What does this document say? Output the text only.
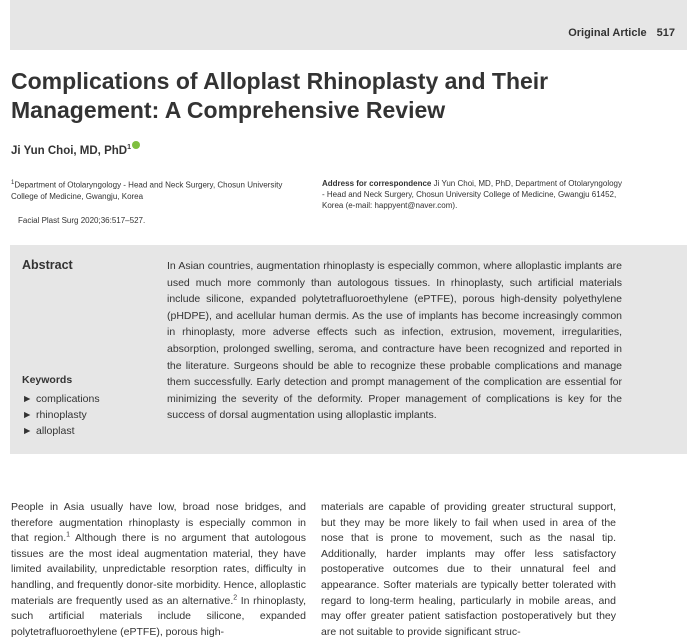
Original Article 517
Complications of Alloplast Rhinoplasty and Their Management: A Comprehensive Review
Ji Yun Choi, MD, PhD$^1$
$^1$Department of Otolaryngology - Head and Neck Surgery, Chosun University College of Medicine, Gwangju, Korea
Address for correspondence Ji Yun Choi, MD, PhD, Department of Otolaryngology - Head and Neck Surgery, Chosun University College of Medicine, Gwangju 61452, Korea (e-mail: happyent@naver.com).
Facial Plast Surg 2020;36:517–527.
Abstract	In Asian countries, augmentation rhinoplasty is especially common, where alloplastic implants are used much more commonly than autologous tissues. In rhinoplasty, such artificial materials include silicone, expanded polytetrafluoroethylene (ePTFE), porous high-density polyethylene (pHDPE), and acellular human dermis. As the use of implants has become increasingly common in rhinoplasty, more adverse effects such as infection, extrusion, movement, irregularities, absorption, prolonged swelling, seroma, and contracture have been recognized and reported in the literature. Surgeons should be able to recognize these probable complications and manage them successfully. Early detection and prompt management of the complication are essential for minimizing the severity of the deformity. Proper management of complications is key for the success of dorsal augmentation using alloplastic implants.

Keywords
► complications
► rhinoplasty
► alloplast

People in Asia usually have low, broad nose bridges, and therefore augmentation rhinoplasty is especially common in that region.$^1$ Although there is no argument that autologous tissues are the most ideal augmentation material, they have limited availability, unpredictable resorption rates, difficulty in handling, and frequently donor-site morbidity. Hence, alloplastic materials are frequently used as an alternative.$^2$ In rhinoplasty, such artificial materials include silicone, expanded polytetrafluoroethylene (ePTFE), porous high-

materials are capable of providing greater structural support, but they may be more likely to fail when used in area of the nose that is prone to movement, such as the nasal tip. Additionally, harder implants may offer less satisfactory postoperative outcomes due to their unnatural feel and appearance. Softer materials are typically better tolerated with regard to long-term healing, particularly in mobile areas, and may offer greater patient satisfaction postoperatively but they are not suitable to provide significant struc-
